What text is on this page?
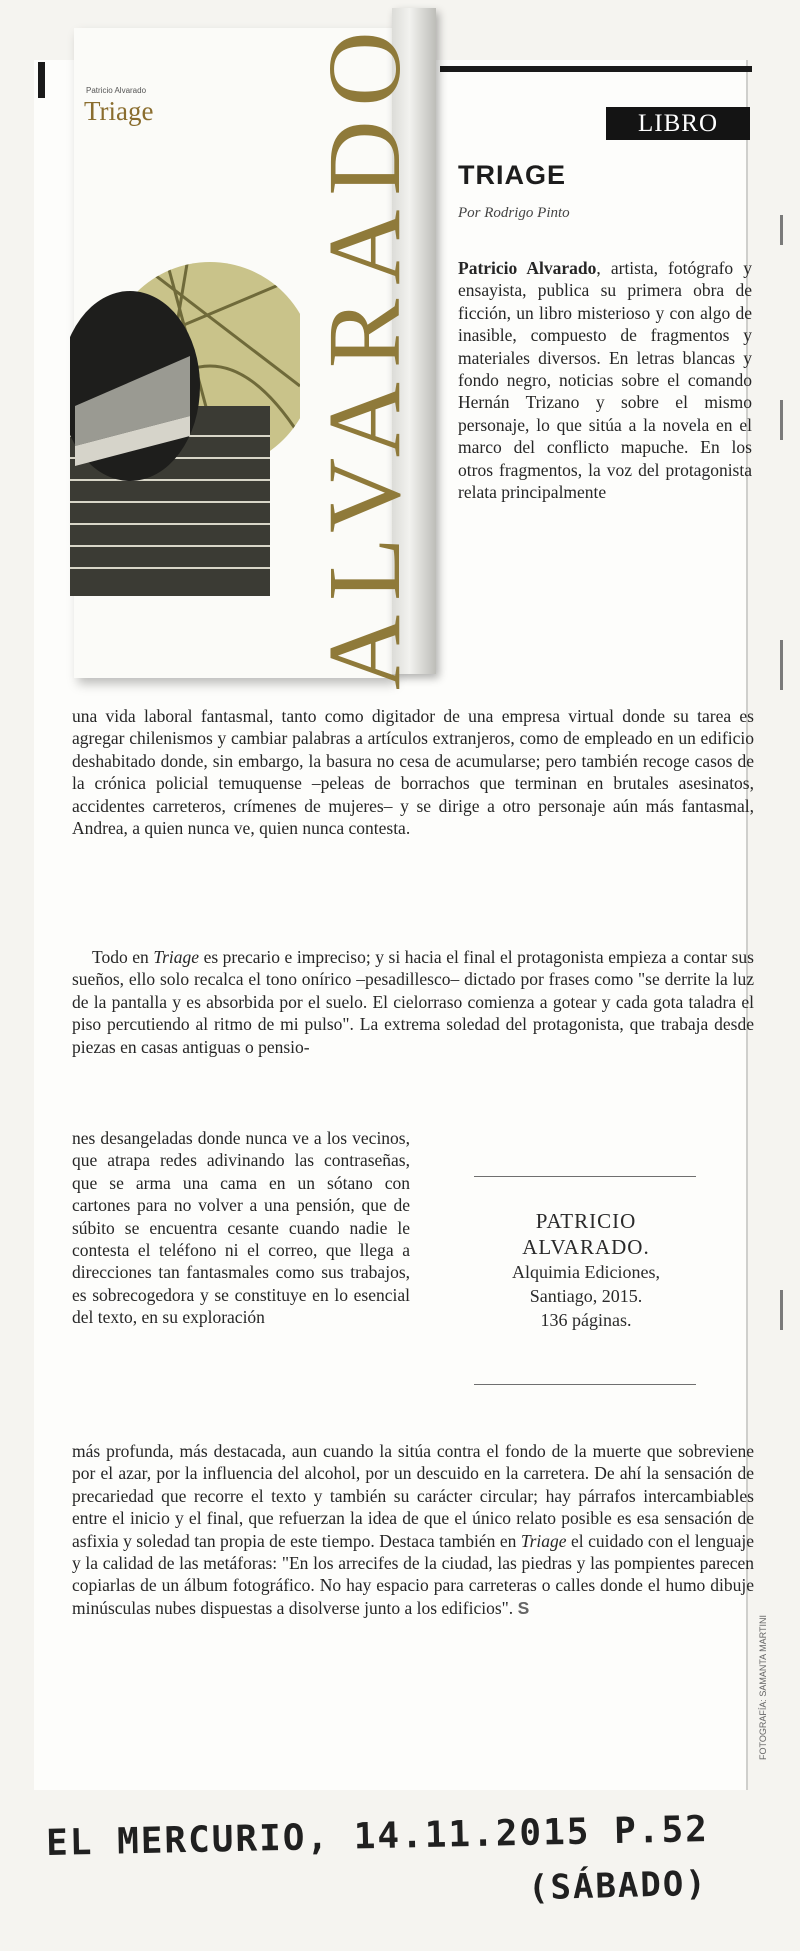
Patricio Alvarado
Triage ALVARADO	LIBRO
TRIAGE
Por Rodrigo Pinto

Patricio Alvarado, artista, fotógrafo y ensayista, publica su primera obra de ficción, un libro misterioso y con algo de inasible, compuesto de fragmentos y materiales diversos. En letras blancas y fondo negro, noticias sobre el comando Hernán Trizano y sobre el mismo personaje, lo que sitúa a la novela en el marco del conflicto mapuche. En los otros fragmentos, la voz del protagonista relata principalmente

una vida laboral fantasmal, tanto como digitador de una empresa virtual donde su tarea es agregar chilenismos y cambiar palabras a artículos extranjeros, como de empleado en un edificio deshabitado donde, sin embargo, la basura no cesa de acumularse; pero también recoge casos de la crónica policial temuquense –peleas de borrachos que terminan en brutales asesinatos, accidentes carreteros, crímenes de mujeres– y se dirige a otro personaje aún más fantasmal, Andrea, a quien nunca ve, quien nunca contesta.

Todo en Triage es precario e impreciso; y si hacia el final el protagonista empieza a contar sus sueños, ello solo recalca el tono onírico –pesadillesco– dictado por frases como "se derrite la luz de la pantalla y es absorbida por el suelo. El cielorraso comienza a gotear y cada gota taladra el piso percutiendo al ritmo de mi pulso". La extrema soledad del protagonista, que trabaja desde piezas en casas antiguas o pensio-

nes desangeladas donde nunca ve a los vecinos, que atrapa redes adivinando las contraseñas, que se arma una cama en un sótano con cartones para no volver a una pensión, que de súbito se encuentra cesante cuando nadie le contesta el teléfono ni el correo, que llega a direcciones tan fantasmales como sus trabajos, es sobrecogedora y se constituye en lo esencial del texto, en su exploración

PATRICIO
ALVARADO.
Alquimia Ediciones,
Santiago, 2015.
136 páginas.

más profunda, más destacada, aun cuando la sitúa contra el fondo de la muerte que sobreviene por el azar, por la influencia del alcohol, por un descuido en la carretera. De ahí la sensación de precariedad que recorre el texto y también su carácter circular; hay párrafos intercambiables entre el inicio y el final, que refuerzan la idea de que el único relato posible es esa sensación de asfixia y soledad tan propia de este tiempo. Destaca también en Triage el cuidado con el lenguaje y la calidad de las metáforas: "En los arrecifes de la ciudad, las piedras y las pompientes parecen copiarlas de un álbum fotográfico. No hay espacio para carreteras o calles donde el humo dibuje minúsculas nubes dispuestas a disolverse junto a los edificios". S

FOTOGRAFÍA: SAMANTA MARTINI
EL MERCURIO, 14.11.2015 P.52
(SÁBADO)
